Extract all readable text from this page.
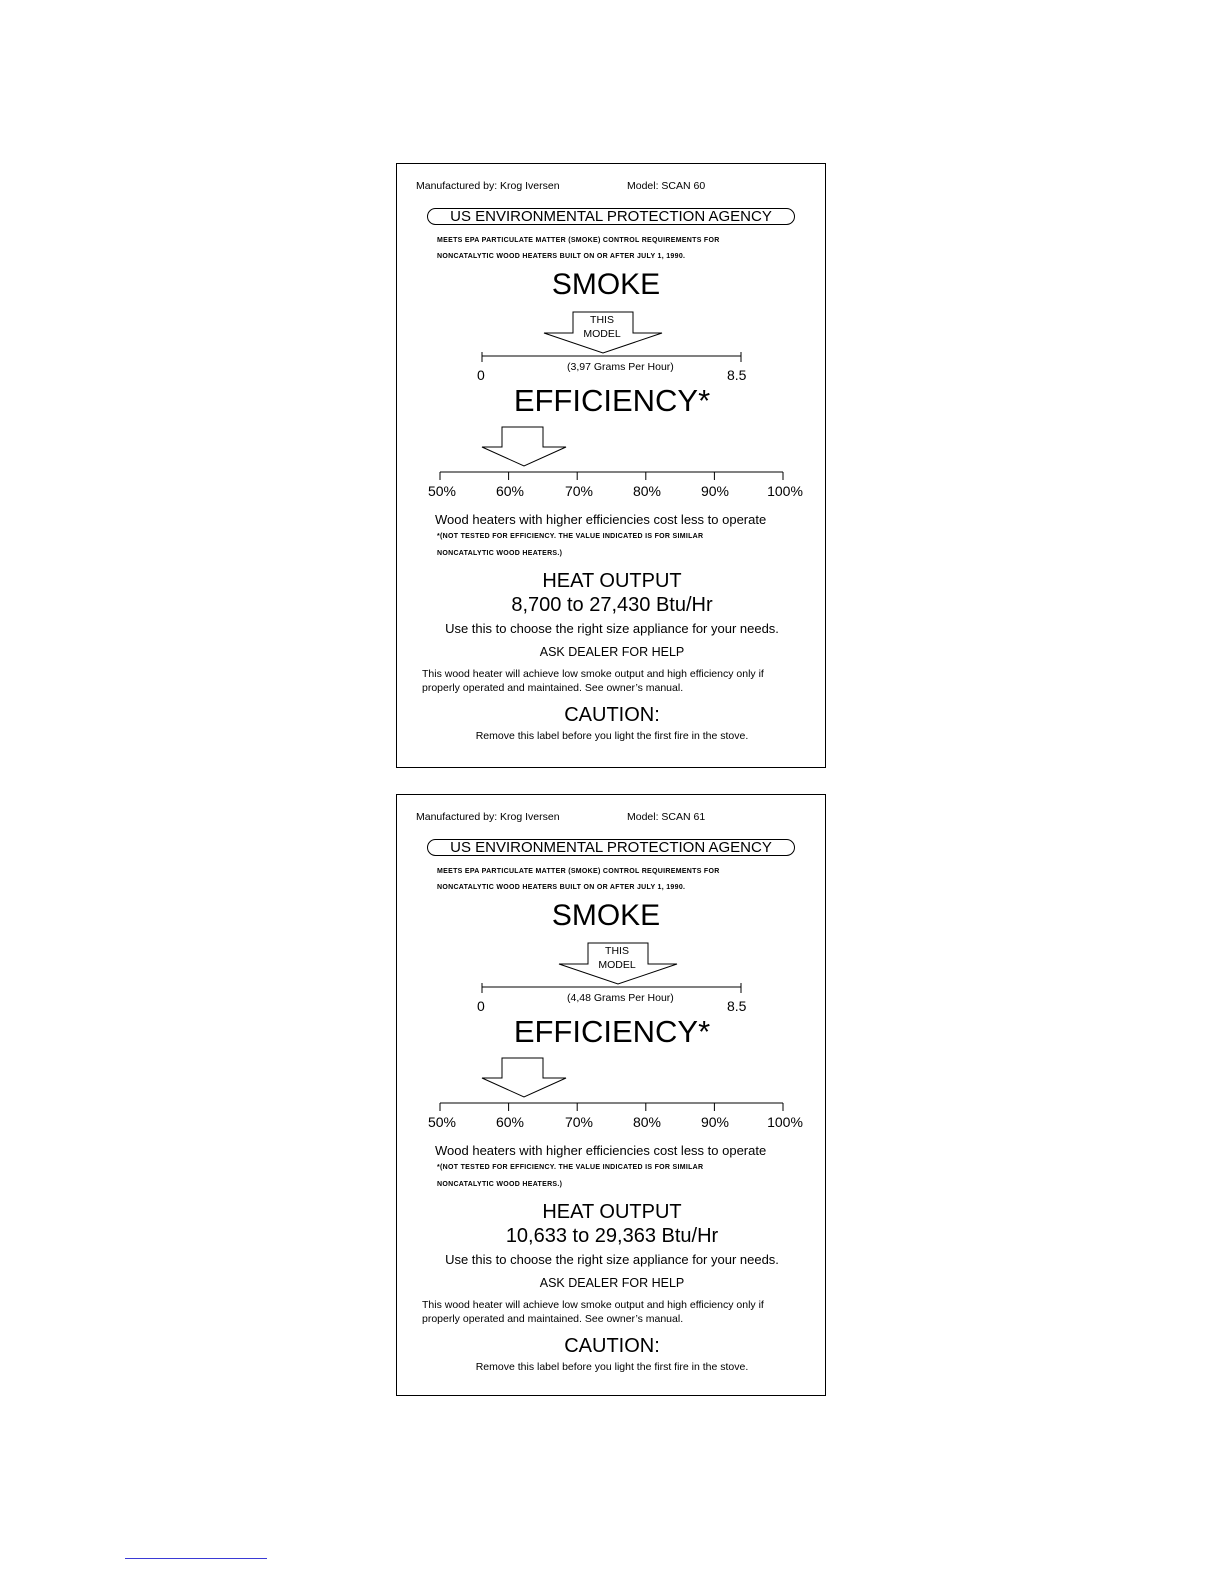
Manufactured by: Krog Iversen	Model: SCAN 60
US ENVIRONMENTAL PROTECTION AGENCY
MEETS EPA PARTICULATE MATTER (SMOKE) CONTROL REQUIREMENTS FOR
NONCATALYTIC WOOD HEATERS BUILT ON OR AFTER JULY 1, 1990.
SMOKE
THIS
MODEL
(3,97 Grams Per Hour)
0	8.5
EFFICIENCY*
50%	60%	70%	80%	90%	100%
Wood heaters with higher efficiencies cost less to operate
*(NOT TESTED FOR EFFICIENCY. THE VALUE INDICATED IS FOR SIMILAR
NONCATALYTIC WOOD HEATERS.)
HEAT OUTPUT
8,700 to 27,430 Btu/Hr
Use this to choose the right size appliance for your needs.
ASK DEALER FOR HELP
This wood heater will achieve low smoke output and high efficiency only if properly operated and maintained. See owner’s manual.
CAUTION:
Remove this label before you light the first fire in the stove.
Manufactured by: Krog Iversen	Model: SCAN 61
US ENVIRONMENTAL PROTECTION AGENCY
MEETS EPA PARTICULATE MATTER (SMOKE) CONTROL REQUIREMENTS FOR
NONCATALYTIC WOOD HEATERS BUILT ON OR AFTER JULY 1, 1990.
SMOKE
THIS
MODEL
(4,48 Grams Per Hour)
0	8.5
EFFICIENCY*
50%	60%	70%	80%	90%	100%
Wood heaters with higher efficiencies cost less to operate
*(NOT TESTED FOR EFFICIENCY. THE VALUE INDICATED IS FOR SIMILAR
NONCATALYTIC WOOD HEATERS.)
HEAT OUTPUT
10,633 to 29,363 Btu/Hr
Use this to choose the right size appliance for your needs.
ASK DEALER FOR HELP
This wood heater will achieve low smoke output and high efficiency only if properly operated and maintained. See owner’s manual.
CAUTION:
Remove this label before you light the first fire in the stove.
